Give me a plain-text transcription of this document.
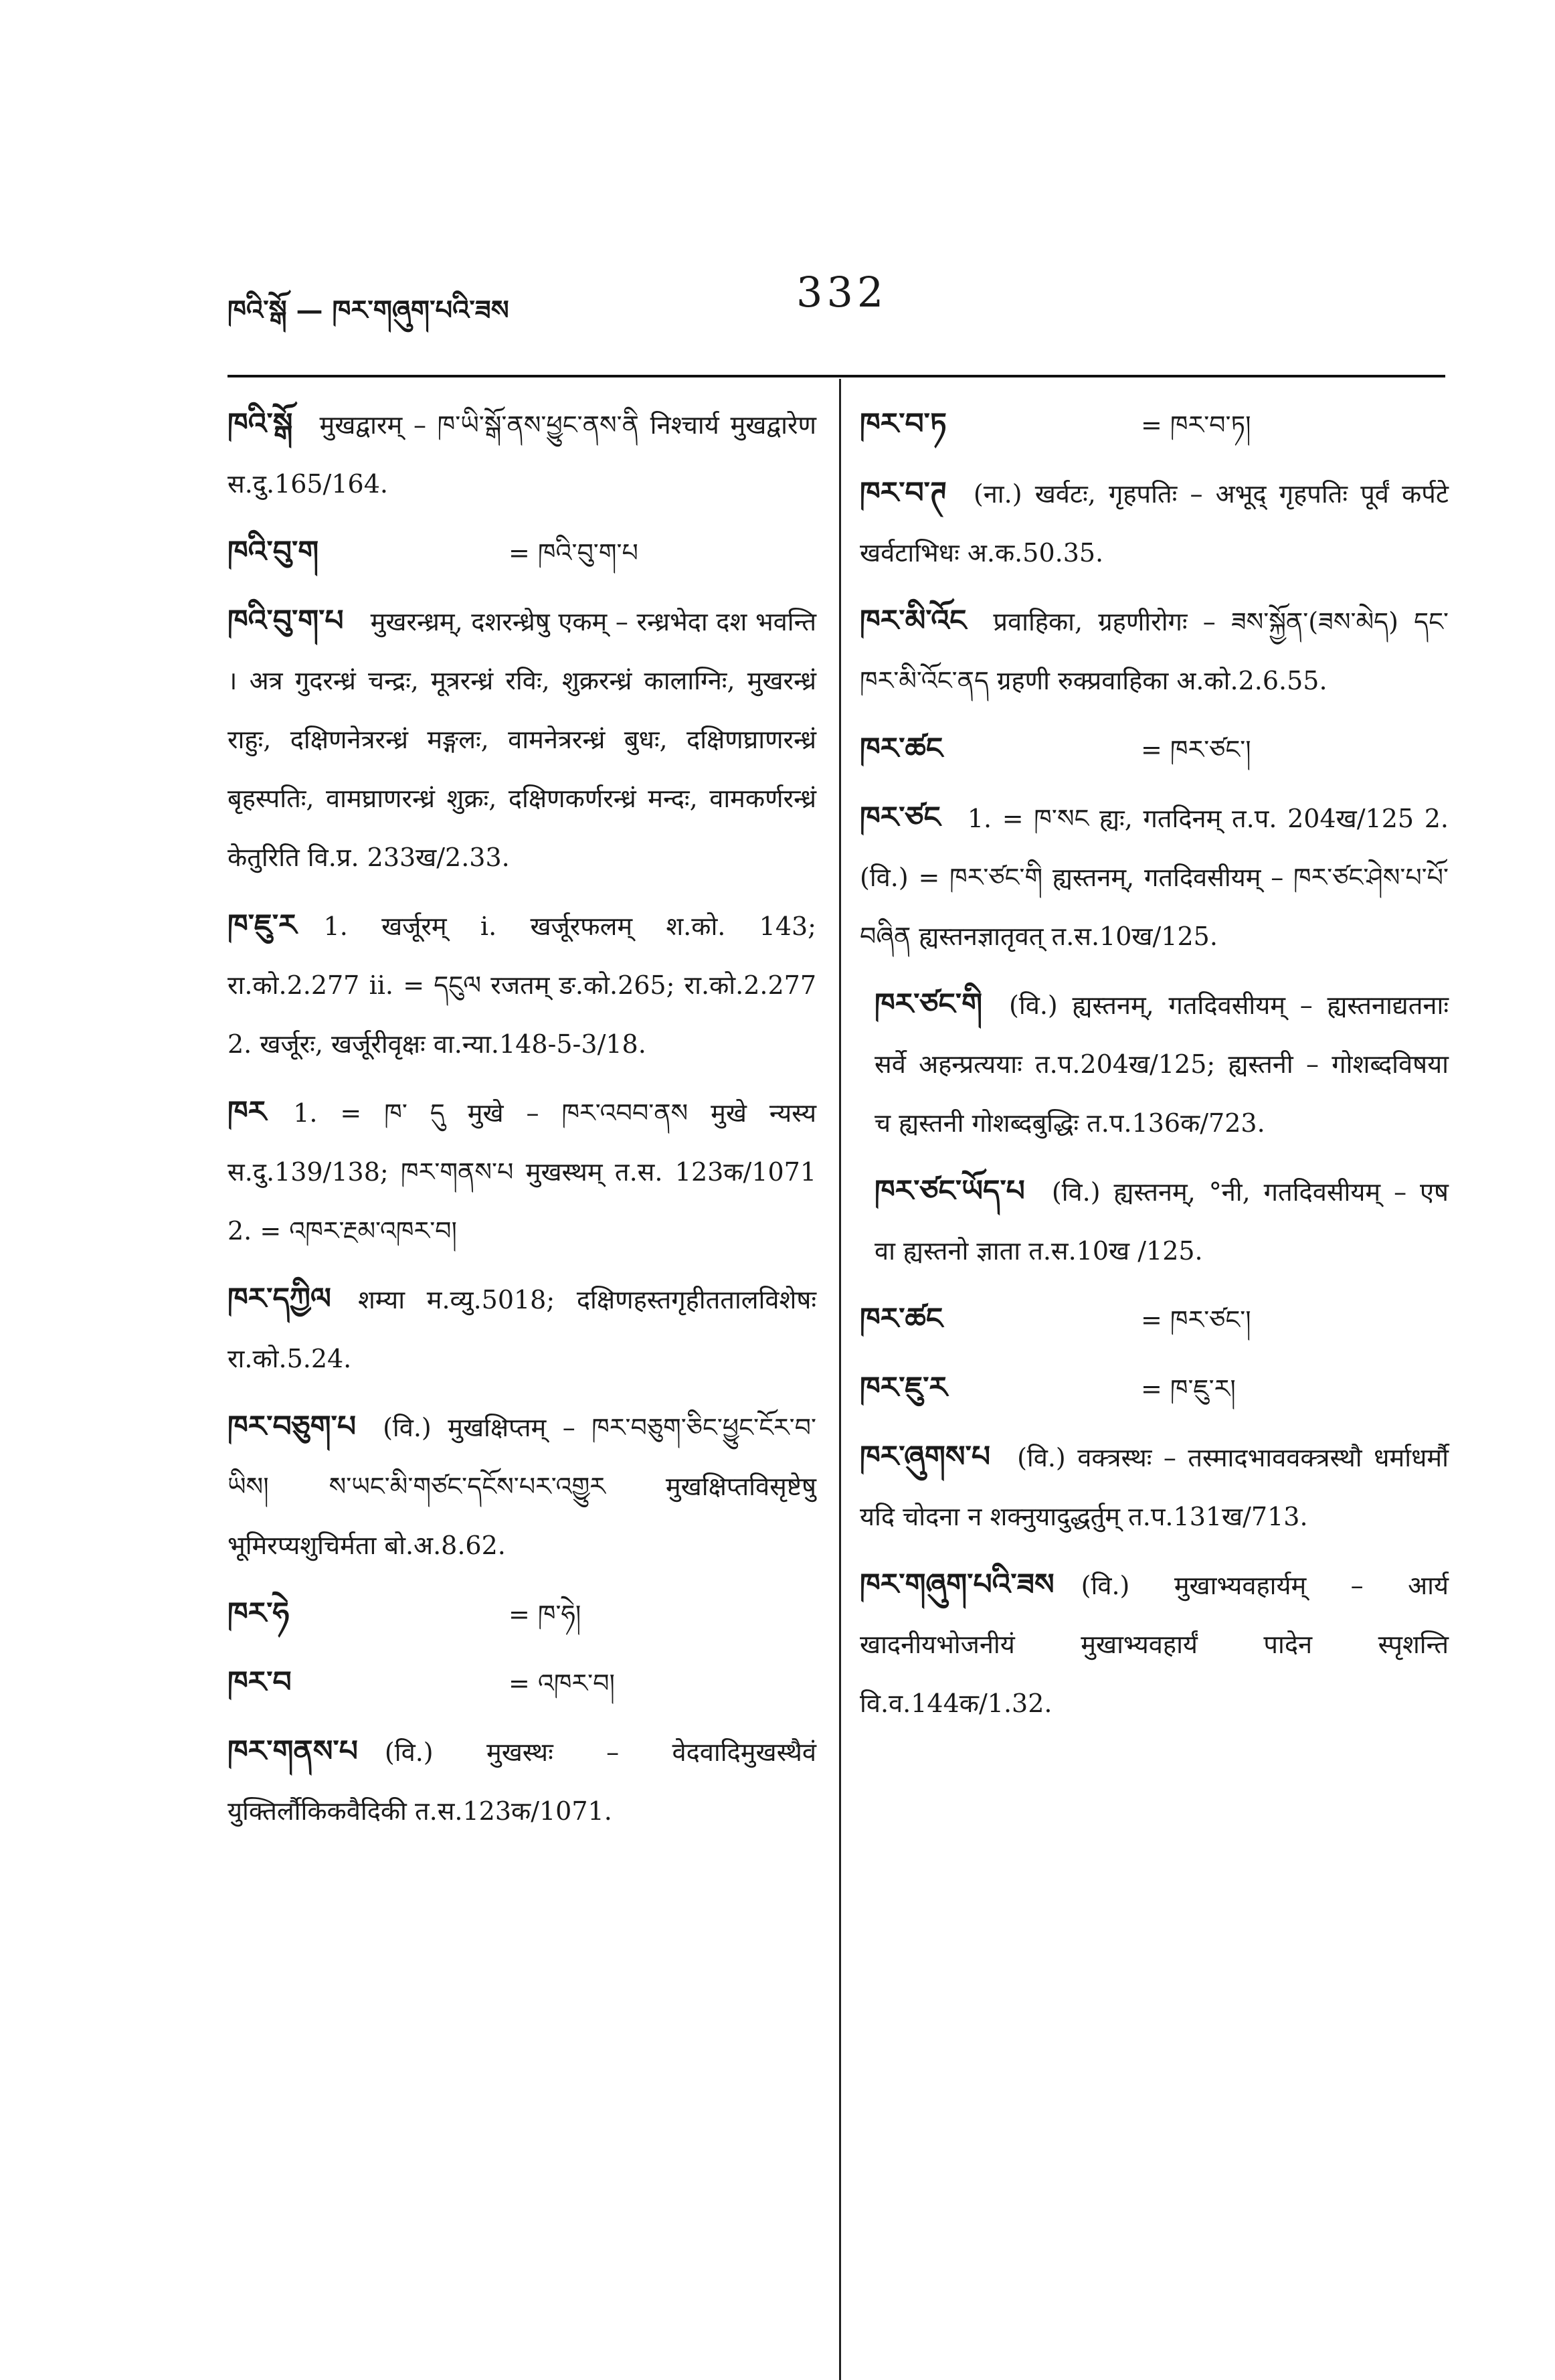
ཁའི་སྒོ — ཁར་གཞུག་པའི་ཟས	332
ཁའི་སྒོ मुखद्वारम् – ཁ་ཡི་སྒོ་ནས་ཕྱུང་ནས་ནི निश्चार्य मुखद्वारेण स.दु.165/164.
ཁའི་བུ་ག	= ཁའི་བུ་ག་པ
ཁའི་བུ་ག་པ मुखरन्ध्रम्, दशरन्ध्रेषु एकम् – रन्ध्रभेदा दश भवन्ति । अत्र गुदरन्ध्रं चन्द्रः, मूत्ररन्ध्रं रविः, शुक्ररन्ध्रं कालाग्निः, मुखरन्ध्रं राहुः, दक्षिणनेत्ररन्ध्रं मङ्गलः, वामनेत्ररन्ध्रं बुधः, दक्षिणघ्राणरन्ध्रं बृहस्पतिः, वामघ्राणरन्ध्रं शुक्रः, दक्षिणकर्णरन्ध्रं मन्दः, वामकर्णरन्ध्रं केतुरिति वि.प्र. 233ख/2.33.
ཁ་ཇུ་ར 1. खर्जूरम् i. खर्जूरफलम् श.को. 143; रा.को.2.277 ii. = དངུལ रजतम् ङ.को.265; रा.को.2.277 2. खर्जूरः, खर्जूरीवृक्षः वा.न्या.148-5-3/18.
ཁར 1. = ཁ་ དུ मुखे – ཁར་འབབ་ནས मुखे न्यस्य स.दु.139/138; ཁར་གནས་པ मुखस्थम् त.स. 123क/1071 2. = འཁར་རྔམ་འཁར་བ།
ཁར་དཀྱིལ शम्या म.व्यु.5018; दक्षिणहस्तगृहीततालविशेषः रा.को.5.24.
ཁར་བཅུག་པ (वि.) मुखक्षिप्तम् – ཁར་བཅུག་ཅིང་ཕྱུང་ངོར་བ་ཡིས། ས་ཡང་མི་གཙང་དངོས་པར་འགྱུར मुखक्षिप्तविसृष्टेषु भूमिरप्यशुचिर्मता बो.अ.8.62.
ཁར་ཧེ	= ཁ་ཧེ།
ཁར་བ	= འཁར་བ།
ཁར་གནས་པ (वि.) मुखस्थः – वेदवादिमुखस्थैवं युक्तिर्लौकिकवैदिकी त.स.123क/1071.
ཁར་བ་ཏ	= ཁར་བ་ཏ།
ཁར་བ་ཊ (ना.) खर्वटः, गृहपतिः – अभूद् गृहपतिः पूर्वं कर्पटे खर्वटाभिधः अ.क.50.35.
ཁར་མི་འོང प्रवाहिका, ग्रहणीरोगः – ཟས་སྐྱོན་(ཟས་མེད) དང་ཁར་མི་འོང་ནད ग्रहणी रुक्प्रवाहिका अ.को.2.6.55.
ཁར་ཚང	= ཁར་ཙང་།
ཁར་ཙང 1. = ཁ་སང ह्यः, गतदिनम् त.प. 204ख/125 2. (वि.) = ཁར་ཙང་གི ह्यस्तनम्, गतदिवसीयम् – ཁར་ཙང་ཤེས་པ་པོ་བཞིན ह्यस्तनज्ञातृवत् त.स.10ख/125.
ཁར་ཙང་གི (वि.) ह्यस्तनम्, गतदिवसीयम् – ह्यस्तनाद्यतनाः सर्वे अहन्प्रत्ययाः त.प.204ख/125; ह्यस्तनी – गोशब्दविषया च ह्यस्तनी गोशब्दबुद्धिः त.प.136क/723.
ཁར་ཙང་ཡོད་པ (वि.) ह्यस्तनम्, °नी, गतदिवसीयम् – एष वा ह्यस्तनो ज्ञाता त.स.10ख /125.
ཁར་ཚང	= ཁར་ཙང་།
ཁར་ཇུ་ར	= ཁ་ཇུ་ར།
ཁར་ཞུགས་པ (वि.) वक्त्रस्थः – तस्मादभाववक्त्रस्थौ धर्माधर्मौ यदि चोदना न शक्नुयादुद्धर्तुम् त.प.131ख/713.
ཁར་གཞུག་པའི་ཟས (वि.) मुखाभ्यवहार्यम् – आर्य खादनीयभोजनीयं मुखाभ्यवहार्यं पादेन स्पृशन्ति वि.व.144क/1.32.
